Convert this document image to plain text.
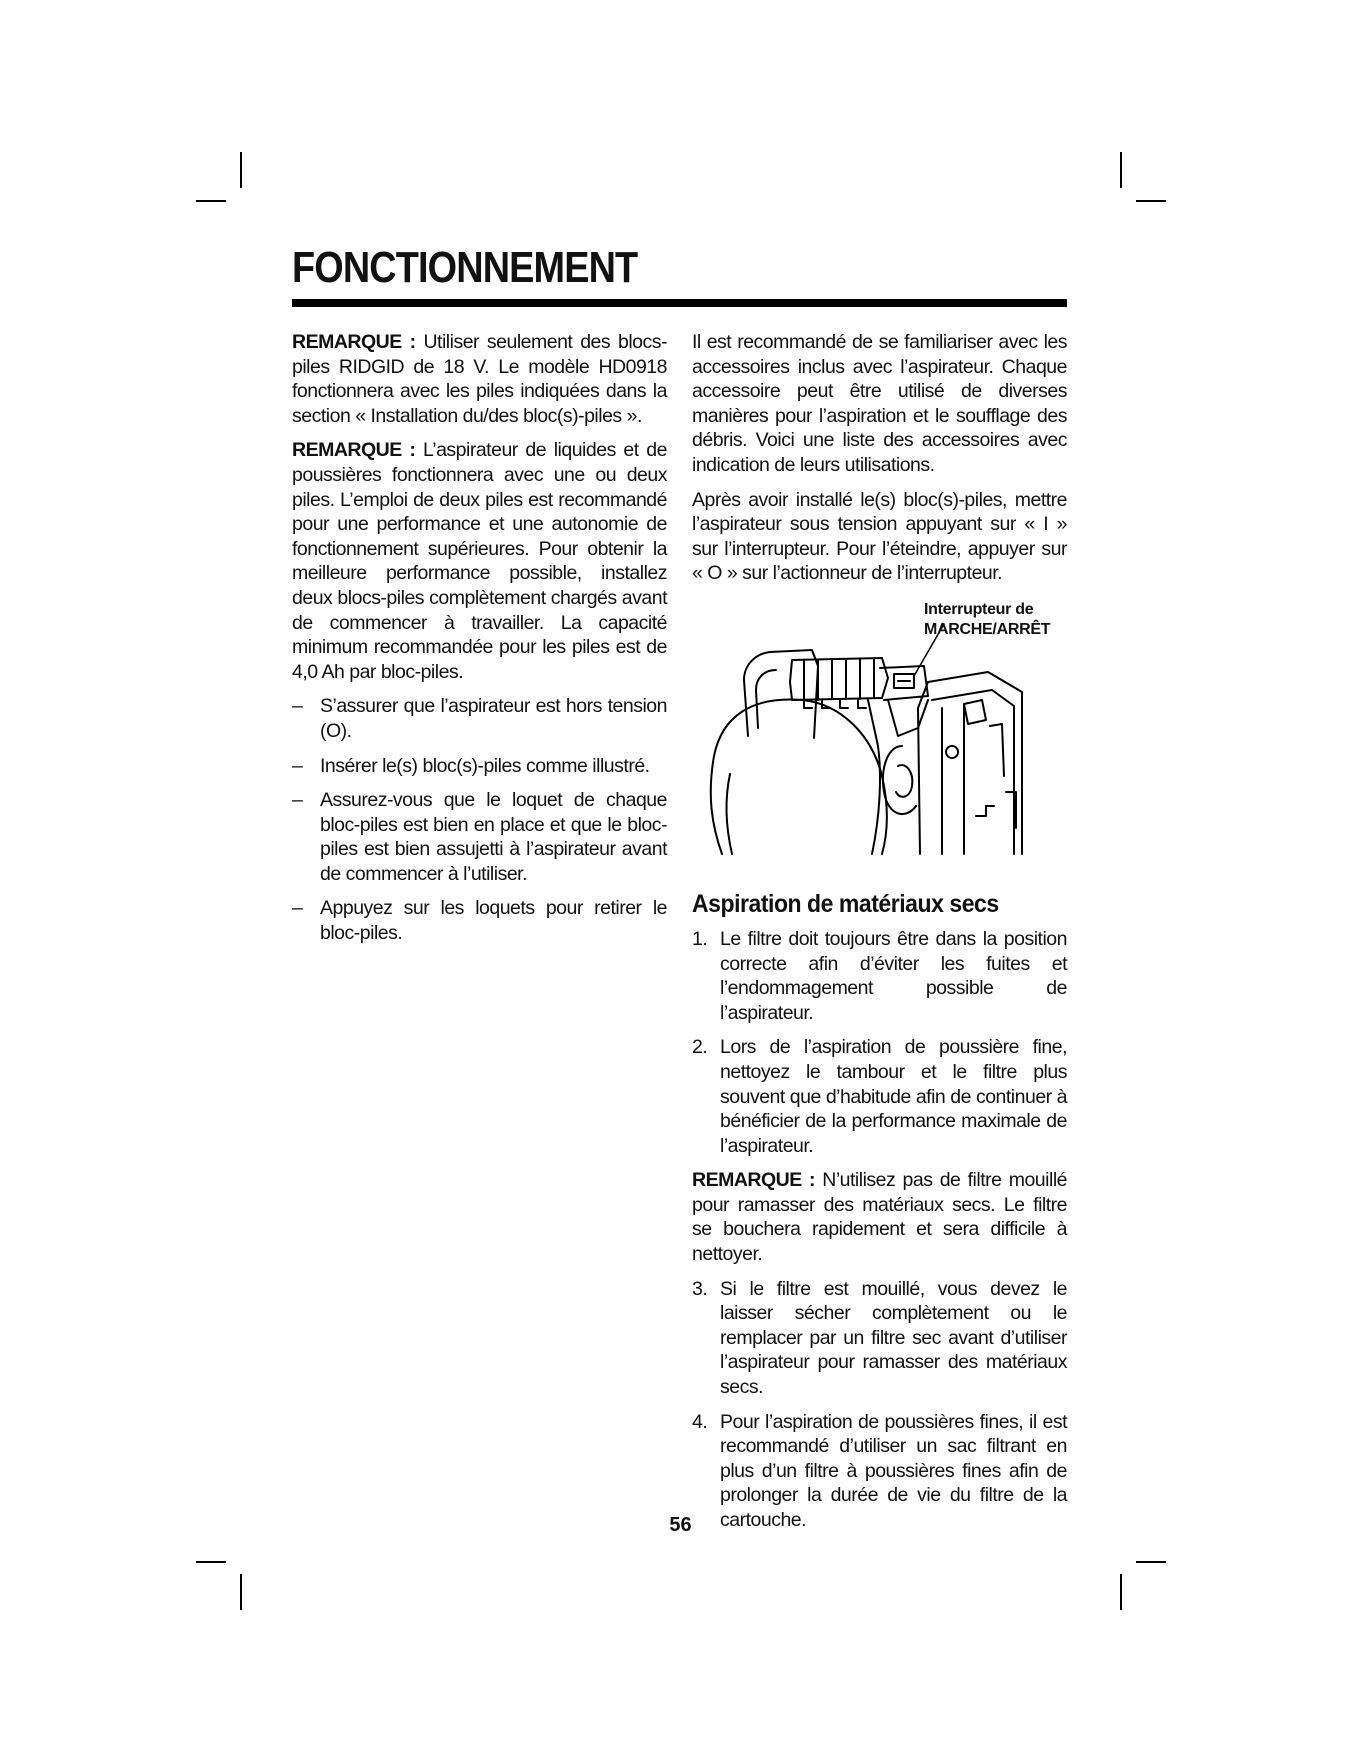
FONCTIONNEMENT

REMARQUE : Utiliser seulement des blocs-piles RIDGID de 18 V. Le modèle HD0918 fonctionnera avec les piles indiquées dans la section « Installation du/des bloc(s)-piles ».

REMARQUE : L’aspirateur de liquides et de poussières fonctionnera avec une ou deux piles. L’emploi de deux piles est recommandé pour une performance et une autonomie de fonctionnement supérieures. Pour obtenir la meilleure performance possible, installez deux blocs-piles complètement chargés avant de commencer à travailler. La capacité minimum recommandée pour les piles est de 4,0 Ah par bloc-piles.

– S’assurer que l’aspirateur est hors tension (O).
– Insérer le(s) bloc(s)-piles comme illustré.
– Assurez-vous que le loquet de chaque bloc-piles est bien en place et que le bloc-piles est bien assujetti à l’aspirateur avant de commencer à l’utiliser.
– Appuyez sur les loquets pour retirer le bloc-piles.

Il est recommandé de se familiariser avec les accessoires inclus avec l’aspirateur. Chaque accessoire peut être utilisé de diverses manières pour l’aspiration et le soufflage des débris. Voici une liste des accessoires avec indication de leurs utilisations.

Après avoir installé le(s) bloc(s)-piles, mettre l’aspirateur sous tension appuyant sur « I » sur l’interrupteur. Pour l’éteindre, appuyer sur « O » sur l’actionneur de l’interrupteur.

Interrupteur de
MARCHE/ARRÊT
Aspiration de matériaux secs
1. Le filtre doit toujours être dans la position correcte afin d’éviter les fuites et l’endommagement possible de l’aspirateur.
2. Lors de l’aspiration de poussière fine, nettoyez le tambour et le filtre plus souvent que d’habitude afin de continuer à bénéficier de la performance maximale de l’aspirateur.

REMARQUE : N’utilisez pas de filtre mouillé pour ramasser des matériaux secs. Le filtre se bouchera rapidement et sera difficile à nettoyer.

3. Si le filtre est mouillé, vous devez le laisser sécher complètement ou le remplacer par un filtre sec avant d’utiliser l’aspirateur pour ramasser des matériaux secs.
4. Pour l’aspiration de poussières fines, il est recommandé d’utiliser un sac filtrant en plus d’un filtre à poussières fines afin de prolonger la durée de vie du filtre de la cartouche.
56
